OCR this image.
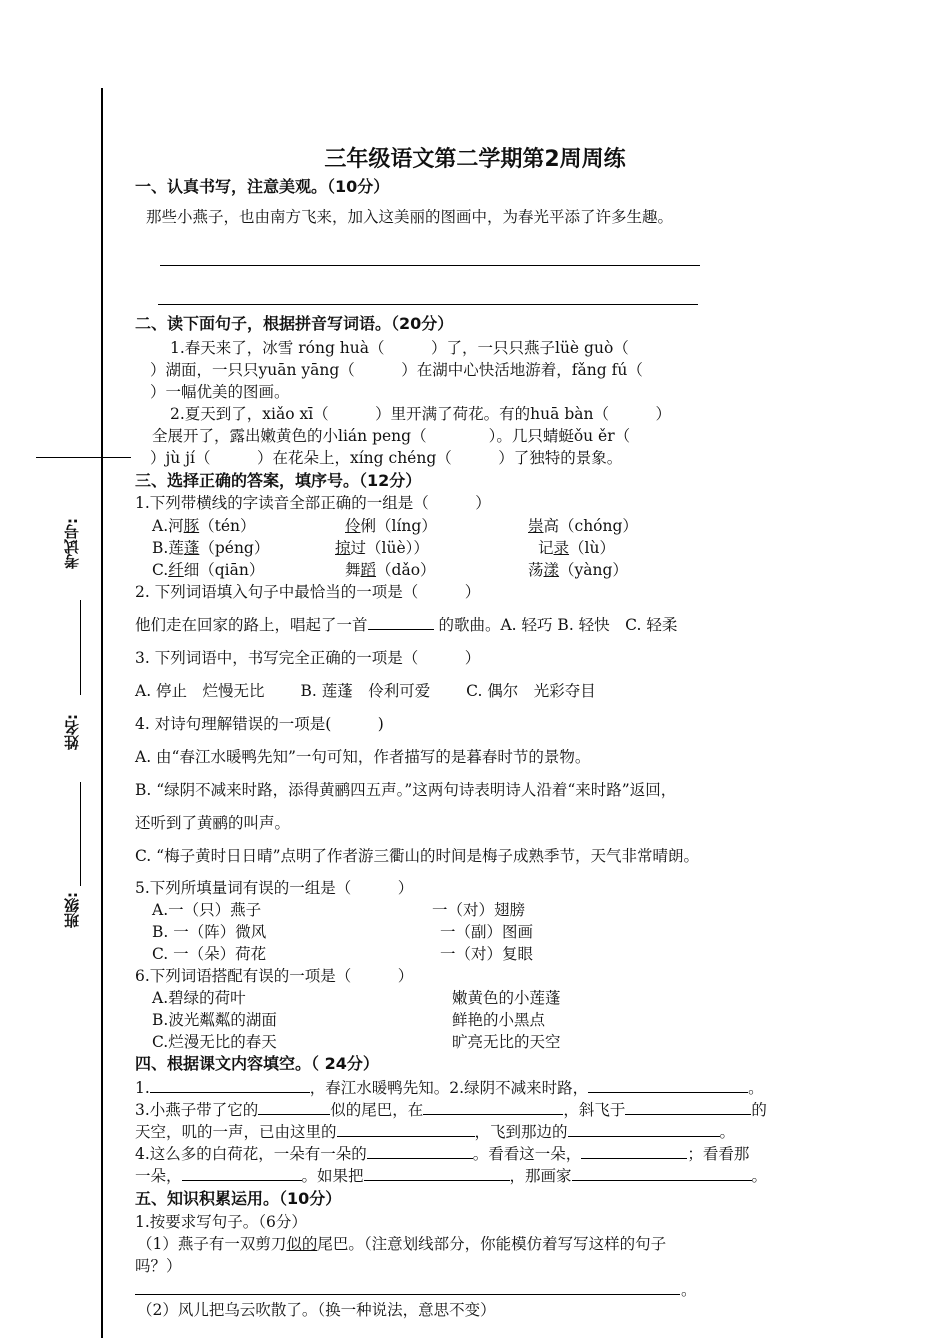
考试号:
姓名:
班级:
三年级语文第二学期第2周周练
一、认真书写，注意美观。（10分）
那些小燕子，也由南方飞来，加入这美丽的图画中，为春光平添了许多生趣。
二、读下面句子，根据拼音写词语。（20分）
1.春天来了，冰雪 róng huà（　　　）了，一只只燕子lüè guò（
）湖面，一只只yuān yāng（　　　）在湖中心快活地游着，fǎng fú（
）一幅优美的图画。
2.夏天到了，xiǎo xī（　　　）里开满了荷花。有的huā bàn（　　　）
全展开了，露出嫩黄色的小lián peng（　　　　）。几只蜻蜓ǒu ěr（
）jù jí（　　　）在花朵上，xíng chéng（　　　）了独特的景象。
三、选择正确的答案，填序号。（12分）
1.下列带横线的字读音全部正确的一组是（　　　）
A.河豚（tén）	伶俐（líng）	崇高（chóng）
B.莲蓬（péng）	掠过（lüè））	记录（lù）
C.纤细（qiān）	舞蹈（dǎo）	荡漾（yàng）
2. 下列词语填入句子中最恰当的一项是（　　　）
他们走在回家的路上，唱起了一首	的歌曲。A. 轻巧 B. 轻快　C. 轻柔
3. 下列词语中，书写完全正确的一项是（　　　）
A. 停止　烂慢无比　　 B. 莲蓬　伶利可爱　　 C. 偶尔　光彩夺目
4. 对诗句理解错误的一项是(　　　)
A. 由“春江水暖鸭先知”一句可知，作者描写的是暮春时节的景物。
B. “绿阴不减来时路，添得黄鹂四五声。”这两句诗表明诗人沿着“来时路”返回，
还听到了黄鹂的叫声。
C. “梅子黄时日日晴”点明了作者游三衢山的时间是梅子成熟季节，天气非常晴朗。
5.下列所填量词有误的一组是（　　　）
A.一（只）燕子	一（对）翅膀
B. 一（阵）微风	一（副）图画
C. 一（朵）荷花	一（对）复眼
6.下列词语搭配有误的一项是（　　　）
A.碧绿的荷叶	嫩黄色的小莲蓬
B.波光粼粼的湖面	鲜艳的小黑点
C.烂漫无比的春天	旷亮无比的天空
四、根据课文内容填空。（ 24分）
1.	，春江水暖鸭先知。2.绿阴不减来时路，	。
3.小燕子带了它的	似的尾巴，在	，斜飞于	的
天空，叽的一声，已由这里的	，飞到那边的	。
4.这么多的白荷花，一朵有一朵的	。看看这一朵，	；看看那
一朵，	。如果把	，那画家	。
五、知识积累运用。（10分）
1.按要求写句子。（6分）
（1）燕子有一双剪刀似的尾巴。（注意划线部分，你能模仿着写写这样的句子
吗？）
。
（2）风儿把乌云吹散了。（换一种说法，意思不变）
